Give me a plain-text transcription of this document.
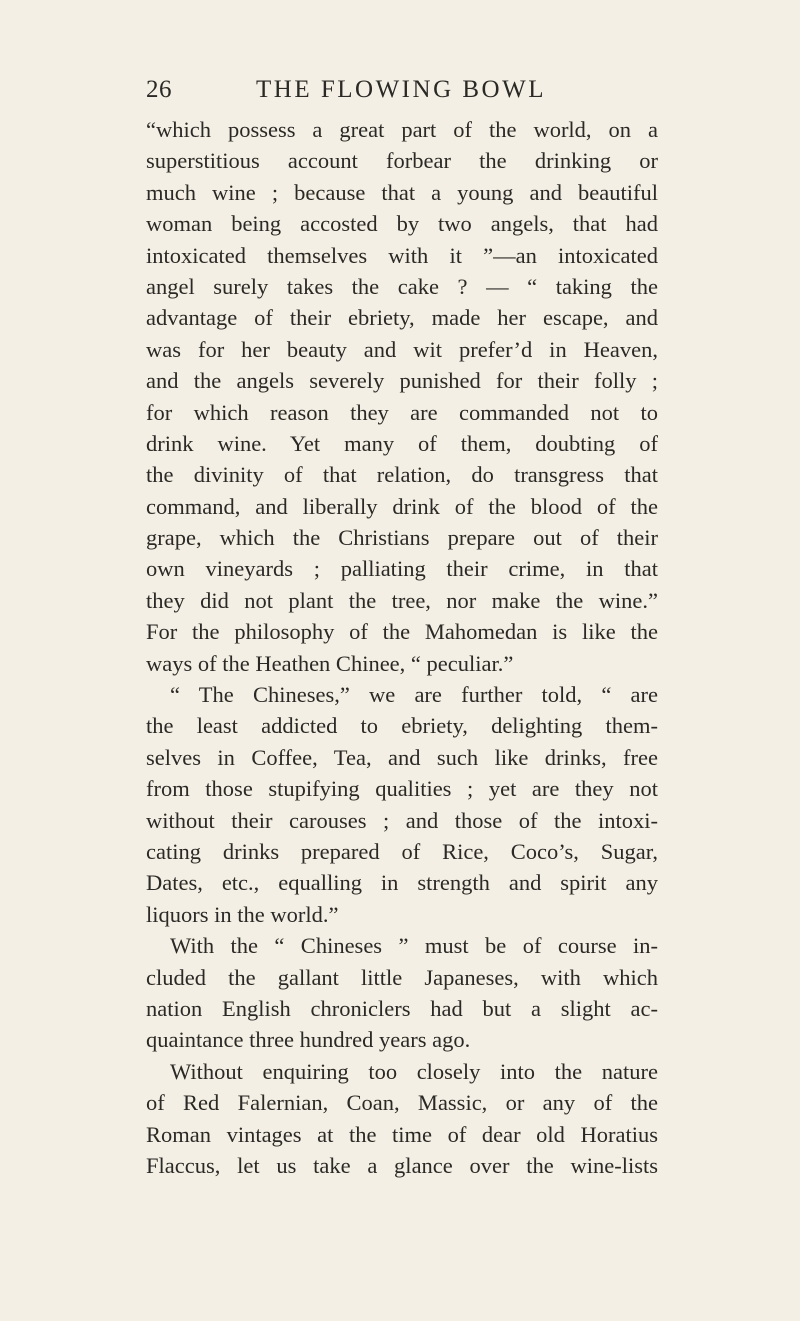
26	THE FLOWING BOWL
“which possess a great part of the world, on a
superstitious account forbear the drinking or
much wine ; because that a young and beautiful
woman being accosted by two angels, that had
intoxicated themselves with it ”—an intoxicated
angel surely takes the cake ? — “ taking the
advantage of their ebriety, made her escape, and
was for her beauty and wit prefer’d in Heaven,
and the angels severely punished for their folly ;
for which reason they are commanded not to
drink wine. Yet many of them, doubting of
the divinity of that relation, do transgress that
command, and liberally drink of the blood of the
grape, which the Christians prepare out of their
own vineyards ; palliating their crime, in that
they did not plant the tree, nor make the wine.”
For the philosophy of the Mahomedan is like the
ways of the Heathen Chinee, “ peculiar.”
“ The Chineses,” we are further told, “ are
the least addicted to ebriety, delighting them-
selves in Coffee, Tea, and such like drinks, free
from those stupifying qualities ; yet are they not
without their carouses ; and those of the intoxi-
cating drinks prepared of Rice, Coco’s, Sugar,
Dates, etc., equalling in strength and spirit any
liquors in the world.”
With the “ Chineses ” must be of course in-
cluded the gallant little Japaneses, with which
nation English chroniclers had but a slight ac-
quaintance three hundred years ago.
Without enquiring too closely into the nature
of Red Falernian, Coan, Massic, or any of the
Roman vintages at the time of dear old Horatius
Flaccus, let us take a glance over the wine-lists
